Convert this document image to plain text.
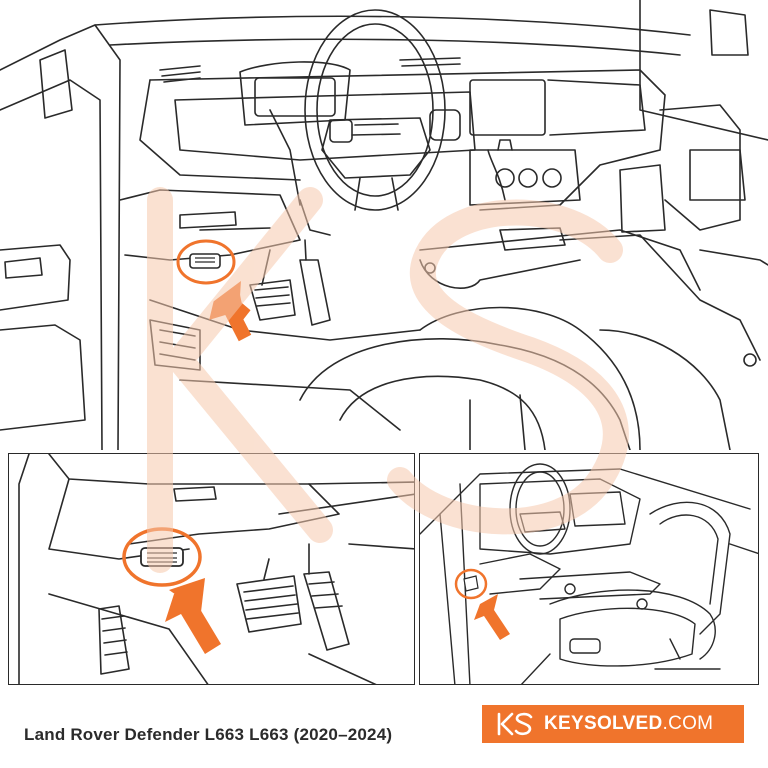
Land Rover Defender L663 L663 (2020–2024)
KEYSOLVED.COM
